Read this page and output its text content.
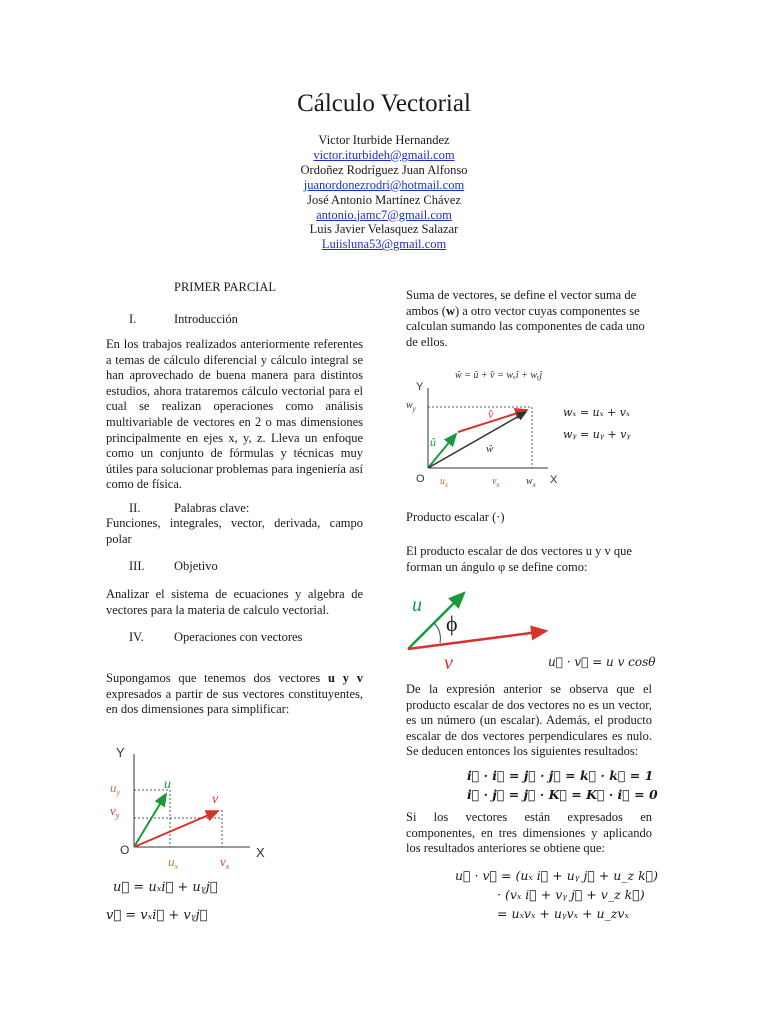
Cálculo Vectorial
Victor Iturbide Hernandez
victor.iturbideh@gmail.com
Ordoñez Rodríguez Juan Alfonso
juanordonezrodri@hotmail.com
José Antonio Martínez Chávez
antonio.jamc7@gmail.com
Luis Javier Velasquez Salazar
Luiisluna53@gmail.com
PRIMER PARCIAL
I.	Introducción
En los trabajos realizados anteriormente referentes a temas de cálculo diferencial y cálculo integral se han aprovechado de buena manera para distintos estudios, ahora trataremos cálculo vectorial para el cual se realizan operaciones como análisis multivariable de vectores en 2 o mas dimensiones principalmente en ejes x, y, z. Lleva un enfoque como un conjunto de fórmulas y técnicas muy útiles para solucionar problemas para ingeniería así como de física.
II.	Palabras clave:
Funciones, integrales, vector, derivada, campo polar
III. Objetivo
Analizar el sistema de ecuaciones y algebra de vectores para la materia de calculo vectorial.
IV. Operaciones con vectores
Supongamos que tenemos dos vectores u y v expresados a partir de sus vectores constituyentes, en dos dimensiones para simplificar:
Y
X
O
u⃗
v⃗
$u_y$
$v_y$
$u_x$	$v_x$
u⃗ = uₓi⃗ + uᵧj⃗
v⃗ = vₓi⃗ + vᵧj⃗
Suma de vectores, se define el vector suma de ambos (w) a otro vector cuyas componentes se calculan sumando las componentes de cada uno de ellos.
ŵ = û + v̂ = wₓî + wᵧĵ
Y
X
O
$w_y$
û
v̂
ŵ
$u_x$	$v_x$	$w_x$
wₓ = uₓ + vₓ
wᵧ = uᵧ + vᵧ
Producto escalar (·)
El producto escalar de dos vectores u y v que
forman un ángulo φ se define como:
u⃗
ϕ
v⃗	u⃗ · v⃗ = u v cosθ
De la expresión anterior se observa que el producto escalar de dos vectores no es un vector, es un número (un escalar). Además, el producto escalar de dos vectores perpendiculares es nulo. Se deducen entonces los siguientes resultados:
i⃗ · i⃗ = j⃗ · j⃗ = k⃗ · k⃗ = 1
i⃗ · j⃗ = j⃗ · K⃗ = K⃗ · i⃗ = 0
Si los vectores están expresados en componentes, en tres dimensiones y aplicando los resultados anteriores se obtiene que:
u⃗ · v⃗ = (uₓ i⃗ + uᵧ j⃗ + u_z k⃗)
· (vₓ i⃗ + vᵧ j⃗ + v_z k⃗)
= uₓvₓ + uᵧvₓ + u_zvₓ
